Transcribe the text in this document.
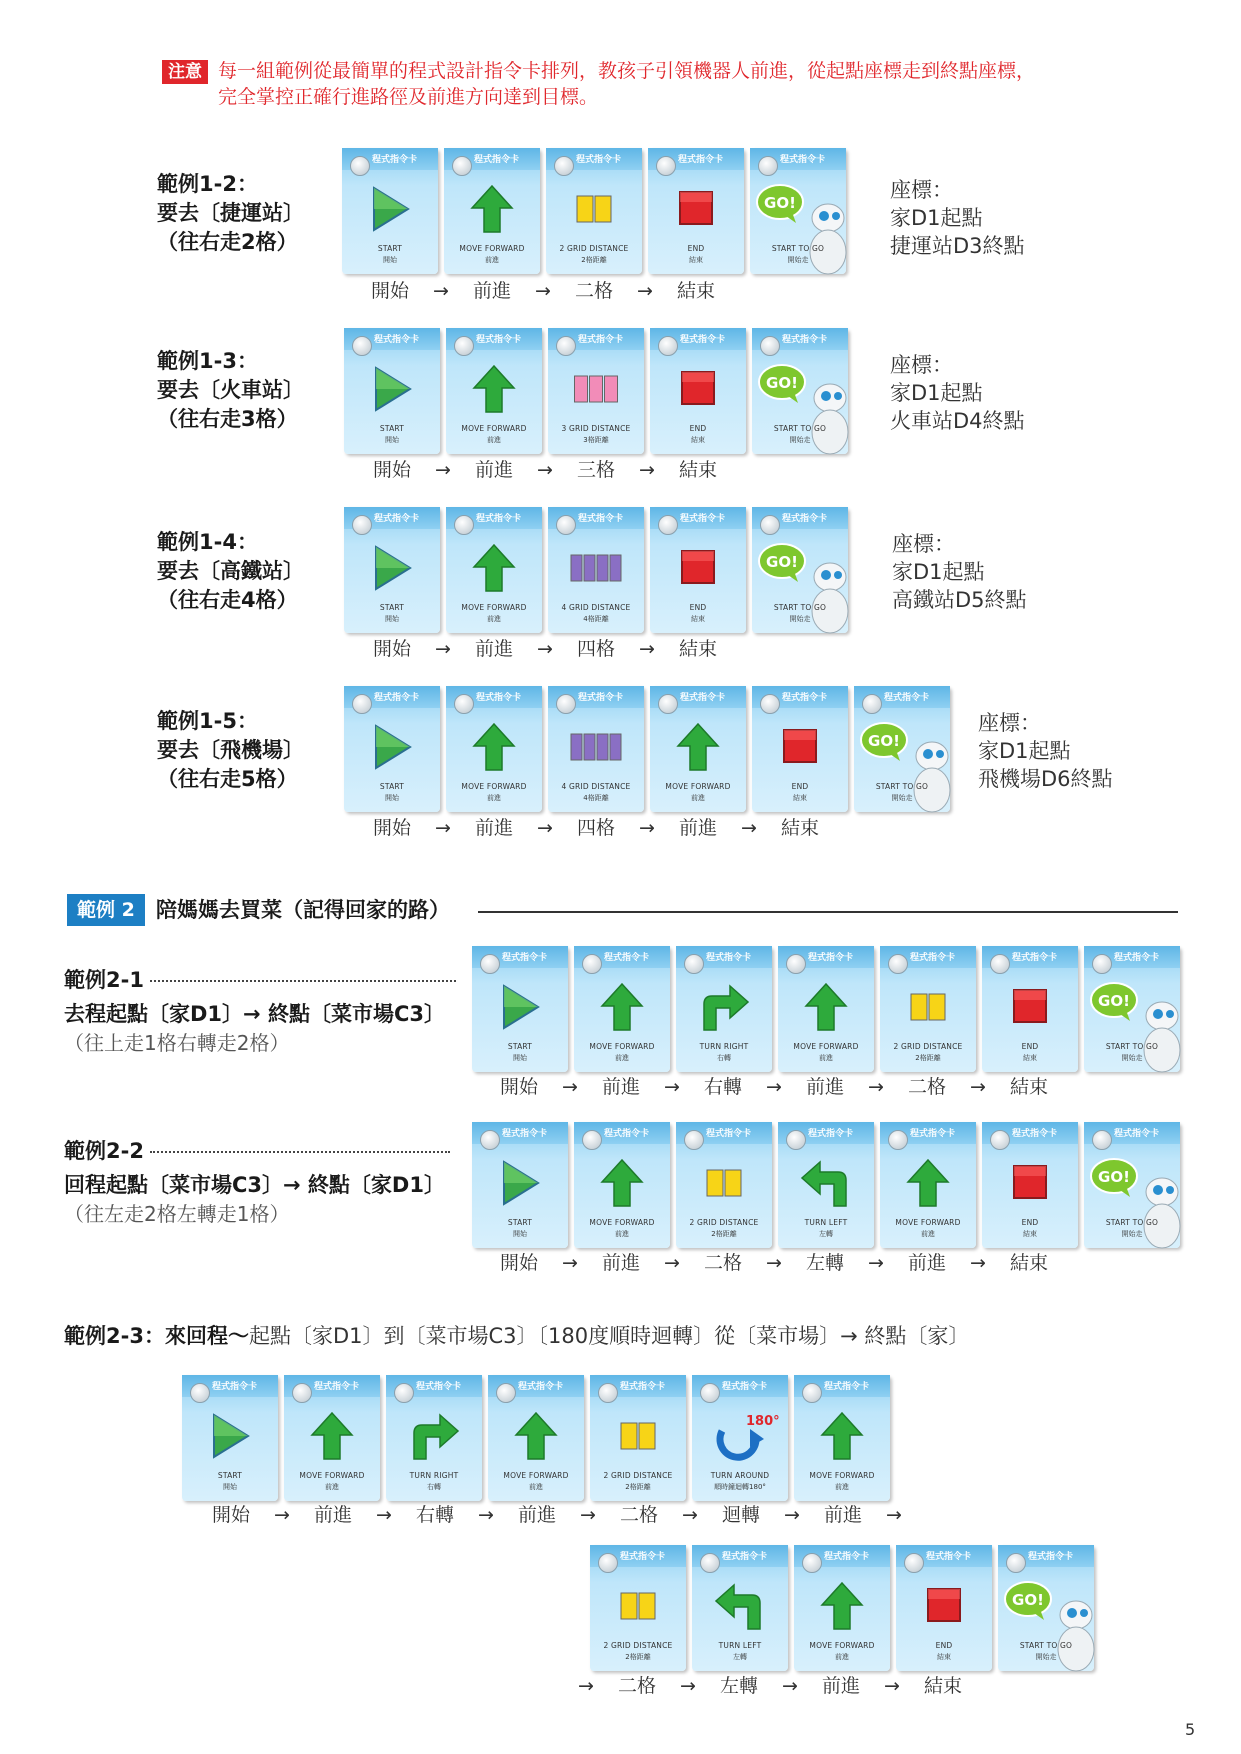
注意 每一組範例從最簡單的程式設計指令卡排列，教孩子引領機器人前進，從起點座標走到終點座標，
完全掌控正確行進路徑及前進方向達到目標。
範例1-2：
要去〔捷運站〕
（往右走2格）
程式指令卡
START
開始
程式指令卡
MOVE FORWARD
前進
程式指令卡
2 GRID DISTANCE
2格距離
程式指令卡
END
結束
程式指令卡
GO!
START TO GO
開始走
開始	→	前進	→	二格	→	結束
座標：
家D1起點
捷運站D3終點
範例1-3：
要去〔火車站〕
（往右走3格）
程式指令卡
START
開始
程式指令卡
MOVE FORWARD
前進
程式指令卡
3 GRID DISTANCE
3格距離
程式指令卡
END
結束
程式指令卡
GO!
START TO GO
開始走
開始	→	前進	→	三格	→	結束
座標：
家D1起點
火車站D4終點
範例1-4：
要去〔高鐵站〕
（往右走4格）
程式指令卡
START
開始
程式指令卡
MOVE FORWARD
前進
程式指令卡
4 GRID DISTANCE
4格距離
程式指令卡
END
結束
程式指令卡
GO!
START TO GO
開始走
開始	→	前進	→	四格	→	結束
座標：
家D1起點
高鐵站D5終點
範例1-5：
要去〔飛機場〕
（往右走5格）
程式指令卡
START
開始
程式指令卡
MOVE FORWARD
前進
程式指令卡
4 GRID DISTANCE
4格距離
程式指令卡
MOVE FORWARD
前進
程式指令卡
END
結束
程式指令卡
GO!
START TO GO
開始走
開始	→	前進	→	四格	→	前進	→	結束
座標：
家D1起點
飛機場D6終點
範例 2	陪媽媽去買菜（記得回家的路）
範例2-1
去程起點〔家D1〕→ 終點〔菜市場C3〕
（往上走1格右轉走2格）
程式指令卡
START
開始
程式指令卡
MOVE FORWARD
前進
程式指令卡
TURN RIGHT
右轉
程式指令卡
MOVE FORWARD
前進
程式指令卡
2 GRID DISTANCE
2格距離
程式指令卡
END
結束
程式指令卡
GO!
START TO GO
開始走
開始	→	前進	→	右轉	→	前進	→	二格	→	結束
範例2-2
回程起點〔菜市場C3〕→ 終點〔家D1〕
（往左走2格左轉走1格）
程式指令卡
START
開始
程式指令卡
MOVE FORWARD
前進
程式指令卡
2 GRID DISTANCE
2格距離
程式指令卡
TURN LEFT
左轉
程式指令卡
MOVE FORWARD
前進
程式指令卡
END
結束
程式指令卡
GO!
START TO GO
開始走
開始	→	前進	→	二格	→	左轉	→	前進	→	結束
範例2-3：來回程～起點〔家D1〕到〔菜市場C3〕〔180度順時迴轉〕從〔菜市場〕→ 終點〔家〕
程式指令卡
START
開始
程式指令卡
MOVE FORWARD
前進
程式指令卡
TURN RIGHT
右轉
程式指令卡
MOVE FORWARD
前進
程式指令卡
2 GRID DISTANCE
2格距離
程式指令卡
180°
TURN AROUND
順時鐘迴轉180°
程式指令卡
MOVE FORWARD
前進
開始	→	前進	→	右轉	→	前進	→	二格	→	迴轉	→	前進	→
程式指令卡
2 GRID DISTANCE
2格距離
程式指令卡
TURN LEFT
左轉
程式指令卡
MOVE FORWARD
前進
程式指令卡
END
結束
程式指令卡
GO!
START TO GO
開始走
→	二格	→	左轉	→	前進	→	結束
5
